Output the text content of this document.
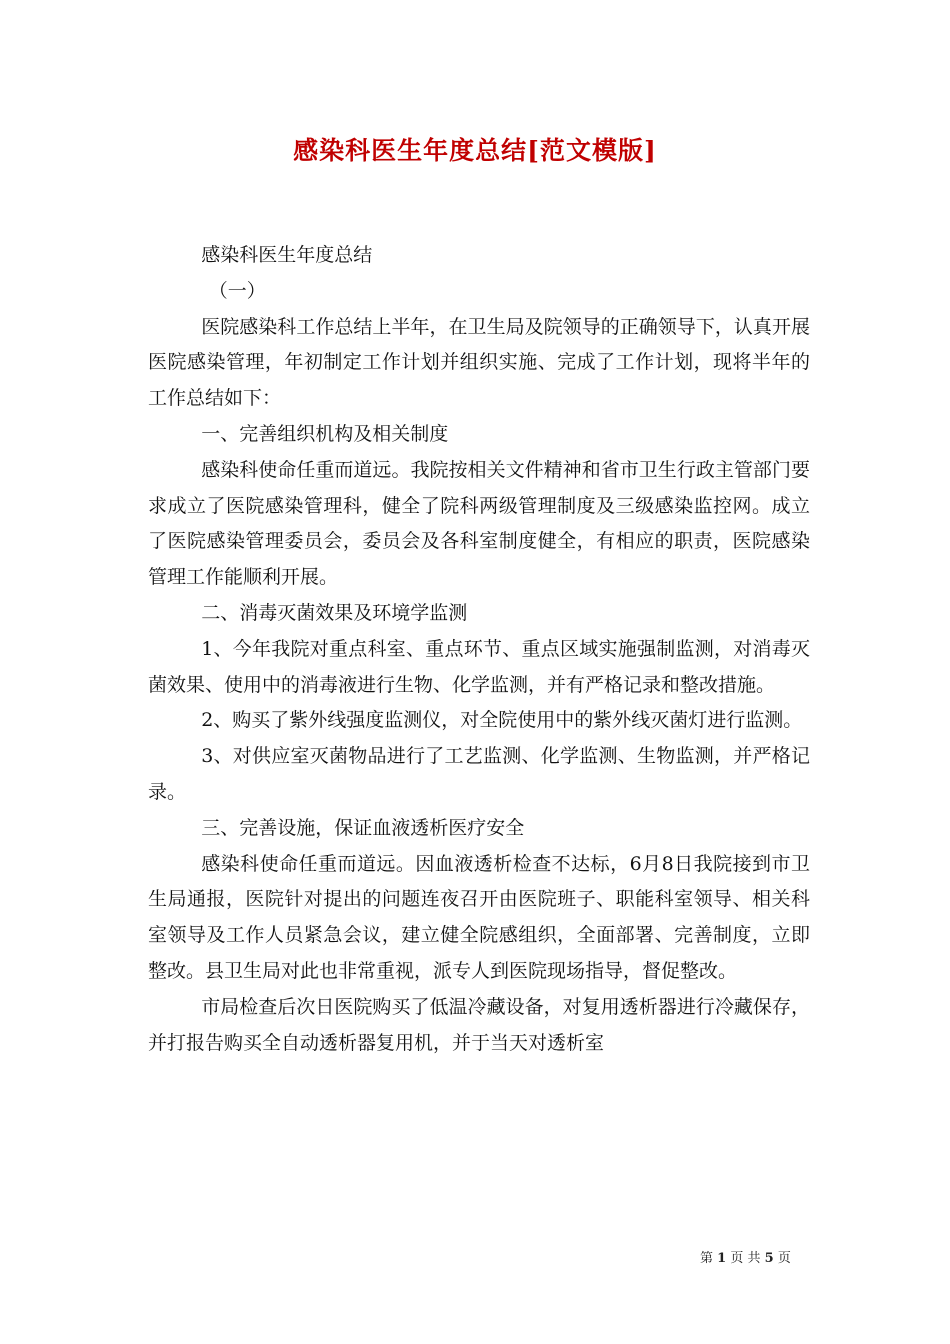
感染科医生年度总结[范文模版]

感染科医生年度总结

（一）

医院感染科工作总结上半年，在卫生局及院领导的正确领导下，认真开展医院感染管理，年初制定工作计划并组织实施、完成了工作计划，现将半年的工作总结如下：

一、完善组织机构及相关制度

感染科使命任重而道远。我院按相关文件精神和省市卫生行政主管部门要求成立了医院感染管理科，健全了院科两级管理制度及三级感染监控网。成立了医院感染管理委员会，委员会及各科室制度健全，有相应的职责，医院感染管理工作能顺利开展。

二、消毒灭菌效果及环境学监测

1、今年我院对重点科室、重点环节、重点区域实施强制监测，对消毒灭菌效果、使用中的消毒液进行生物、化学监测，并有严格记录和整改措施。

2、购买了紫外线强度监测仪，对全院使用中的紫外线灭菌灯进行监测。

3、对供应室灭菌物品进行了工艺监测、化学监测、生物监测，并严格记录。

三、完善设施，保证血液透析医疗安全

感染科使命任重而道远。因血液透析检查不达标，6月8日我院接到市卫生局通报，医院针对提出的问题连夜召开由医院班子、职能科室领导、相关科室领导及工作人员紧急会议，建立健全院感组织，全面部署、完善制度，立即整改。县卫生局对此也非常重视，派专人到医院现场指导，督促整改。

市局检查后次日医院购买了低温冷藏设备，对复用透析器进行冷藏保存，并打报告购买全自动透析器复用机，并于当天对透析室

第 1 页 共 5 页
